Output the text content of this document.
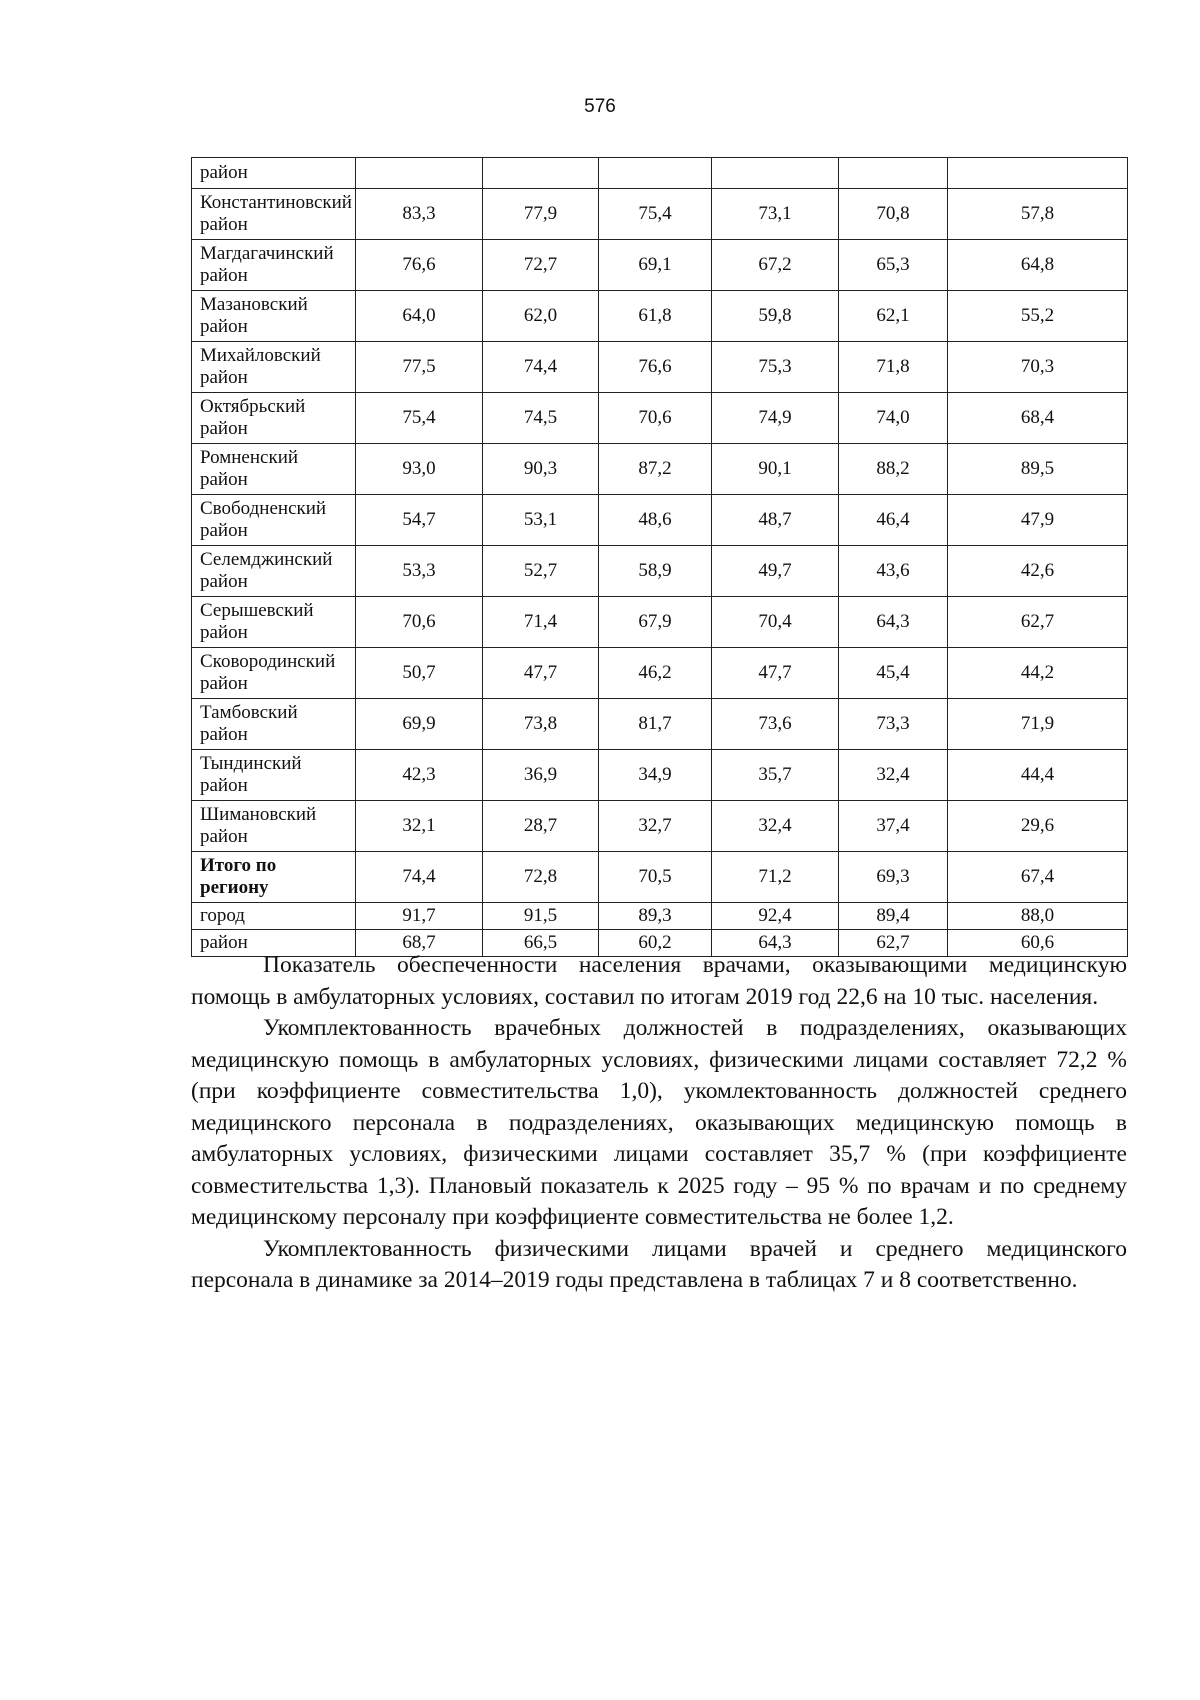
576
район						
Константиновский район	83,3	77,9	75,4	73,1	70,8	57,8
Магдагачинский район	76,6	72,7	69,1	67,2	65,3	64,8
Мазановский район	64,0	62,0	61,8	59,8	62,1	55,2
Михайловский район	77,5	74,4	76,6	75,3	71,8	70,3
Октябрьский район	75,4	74,5	70,6	74,9	74,0	68,4
Ромненский район	93,0	90,3	87,2	90,1	88,2	89,5
Свободненский район	54,7	53,1	48,6	48,7	46,4	47,9
Селемджинский район	53,3	52,7	58,9	49,7	43,6	42,6
Серышевский район	70,6	71,4	67,9	70,4	64,3	62,7
Сковородинский район	50,7	47,7	46,2	47,7	45,4	44,2
Тамбовский район	69,9	73,8	81,7	73,6	73,3	71,9
Тындинский район	42,3	36,9	34,9	35,7	32,4	44,4
Шимановский район	32,1	28,7	32,7	32,4	37,4	29,6
Итого по региону	74,4	72,8	70,5	71,2	69,3	67,4
город	91,7	91,5	89,3	92,4	89,4	88,0
район	68,7	66,5	60,2	64,3	62,7	60,6

Показатель обеспеченности населения врачами, оказывающими медицинскую помощь в амбулаторных условиях, составил по итогам 2019 год 22,6 на 10 тыс. населения.

Укомплектованность врачебных должностей в подразделениях, оказывающих медицинскую помощь в амбулаторных условиях, физическими лицами составляет 72,2 % (при коэффициенте совместительства 1,0), укомлектованность должностей среднего медицинского персонала в подразделениях, оказывающих медицинскую помощь в амбулаторных условиях, физическими лицами составляет 35,7 % (при коэффициенте совместительства 1,3). Плановый показатель к 2025 году – 95 % по врачам и по среднему медицинскому персоналу при коэффициенте совместительства не более 1,2.

Укомплектованность физическими лицами врачей и среднего медицинского персонала в динамике за 2014–2019 годы представлена в таблицах 7 и 8 соответственно.
